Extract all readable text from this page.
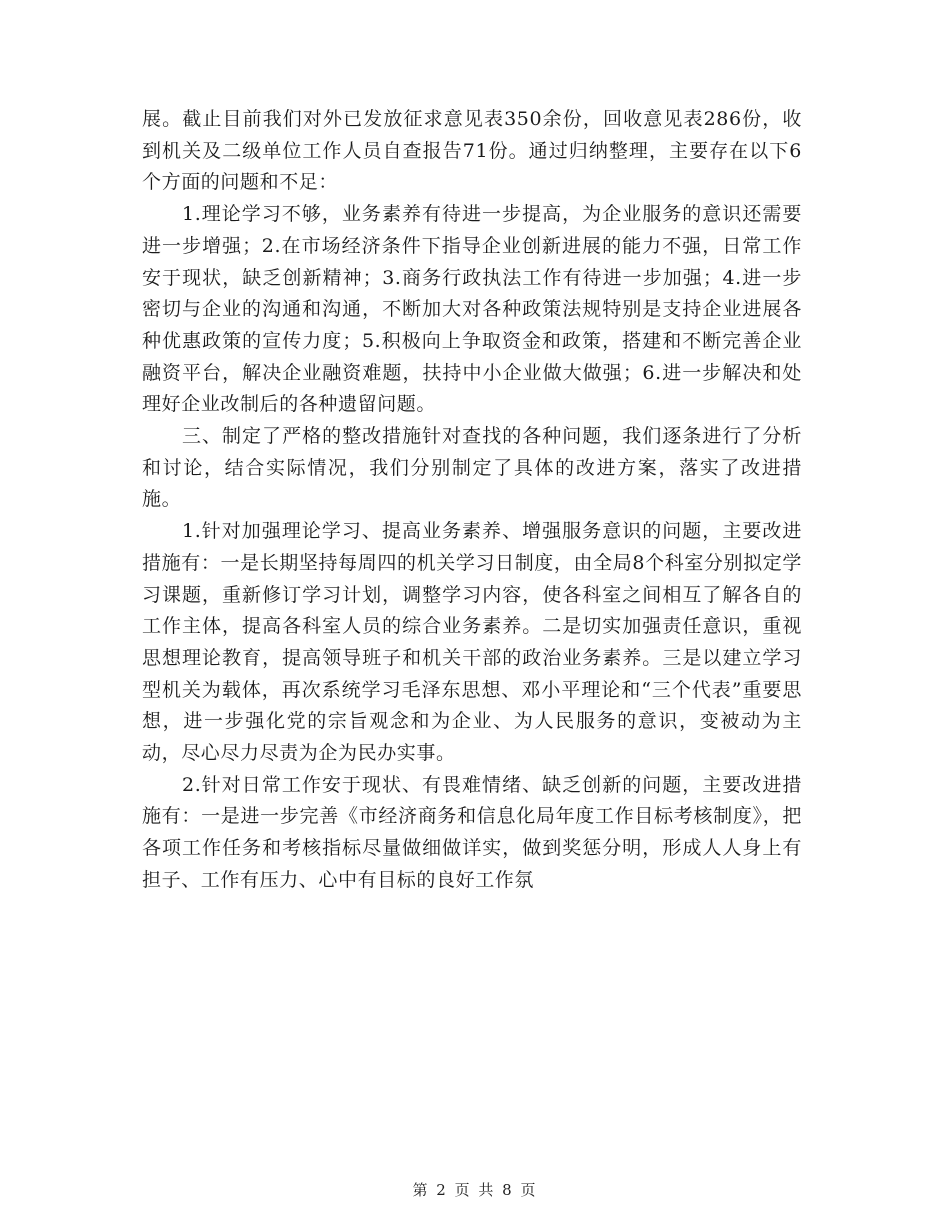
展。截止目前我们对外已发放征求意见表350余份，回收意见表286份，收到机关及二级单位工作人员自查报告71份。通过归纳整理，主要存在以下6个方面的问题和不足：

1.理论学习不够，业务素养有待进一步提高，为企业服务的意识还需要进一步增强；2.在市场经济条件下指导企业创新进展的能力不强，日常工作安于现状，缺乏创新精神；3.商务行政执法工作有待进一步加强；4.进一步密切与企业的沟通和沟通，不断加大对各种政策法规特别是支持企业进展各种优惠政策的宣传力度；5.积极向上争取资金和政策，搭建和不断完善企业融资平台，解决企业融资难题，扶持中小企业做大做强；6.进一步解决和处理好企业改制后的各种遗留问题。

三、制定了严格的整改措施针对查找的各种问题，我们逐条进行了分析和讨论，结合实际情况，我们分别制定了具体的改进方案，落实了改进措施。

1.针对加强理论学习、提高业务素养、增强服务意识的问题，主要改进措施有：一是长期坚持每周四的机关学习日制度，由全局8个科室分别拟定学习课题，重新修订学习计划，调整学习内容，使各科室之间相互了解各自的工作主体，提高各科室人员的综合业务素养。二是切实加强责任意识，重视思想理论教育，提高领导班子和机关干部的政治业务素养。三是以建立学习型机关为载体，再次系统学习毛泽东思想、邓小平理论和“三个代表”重要思想，进一步强化党的宗旨观念和为企业、为人民服务的意识，变被动为主动，尽心尽力尽责为企为民办实事。

2.针对日常工作安于现状、有畏难情绪、缺乏创新的问题，主要改进措施有：一是进一步完善《市经济商务和信息化局年度工作目标考核制度》，把各项工作任务和考核指标尽量做细做详实，做到奖惩分明，形成人人身上有担子、工作有压力、心中有目标的良好工作氛

第 2 页 共 8 页
